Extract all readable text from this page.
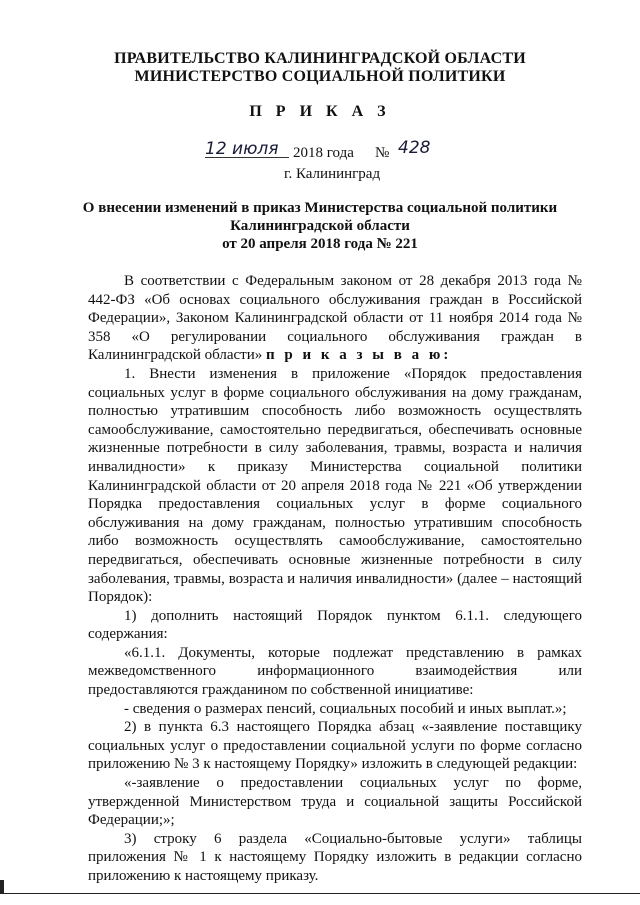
ПРАВИТЕЛЬСТВО КАЛИНИНГРАДСКОЙ ОБЛАСТИ
МИНИСТЕРСТВО СОЦИАЛЬНОЙ ПОЛИТИКИ
П Р И К А З
12 июля 2018 года № 428
г. Калининград
О внесении изменений в приказ Министерства социальной политики
Калининградской области
от 20 апреля 2018 года № 221

В соответствии с Федеральным законом от 28 декабря 2013 года № 442-ФЗ «Об основах социального обслуживания граждан в Российской Федерации», Законом Калининградской области от 11 ноября 2014 года № 358 «О регулировании социального обслуживания граждан в Калининградской области» п р и к а з ы в а ю:

1. Внести изменения в приложение «Порядок предоставления социальных услуг в форме социального обслуживания на дому гражданам, полностью утратившим способность либо возможность осуществлять самообслуживание, самостоятельно передвигаться, обеспечивать основные жизненные потребности в силу заболевания, травмы, возраста и наличия инвалидности» к приказу Министерства социальной политики Калининградской области от 20 апреля 2018 года № 221 «Об утверждении Порядка предоставления социальных услуг в форме социального обслуживания на дому гражданам, полностью утратившим способность либо возможность осуществлять самообслуживание, самостоятельно передвигаться, обеспечивать основные жизненные потребности в силу заболевания, травмы, возраста и наличия инвалидности» (далее – настоящий Порядок):

1) дополнить настоящий Порядок пунктом 6.1.1. следующего содержания:

«6.1.1. Документы, которые подлежат представлению в рамках межведомственного информационного взаимодействия или предоставляются гражданином по собственной инициативе:

- сведения о размерах пенсий, социальных пособий и иных выплат.»;

2) в пункта 6.3 настоящего Порядка абзац «-заявление поставщику социальных услуг о предоставлении социальной услуги по форме согласно приложению № 3 к настоящему Порядку» изложить в следующей редакции:

«-заявление о предоставлении социальных услуг по форме, утвержденной Министерством труда и социальной защиты Российской Федерации;»;

3) строку 6 раздела «Социально-бытовые услуги» таблицы приложения № 1 к настоящему Порядку изложить в редакции согласно приложению к настоящему приказу.
